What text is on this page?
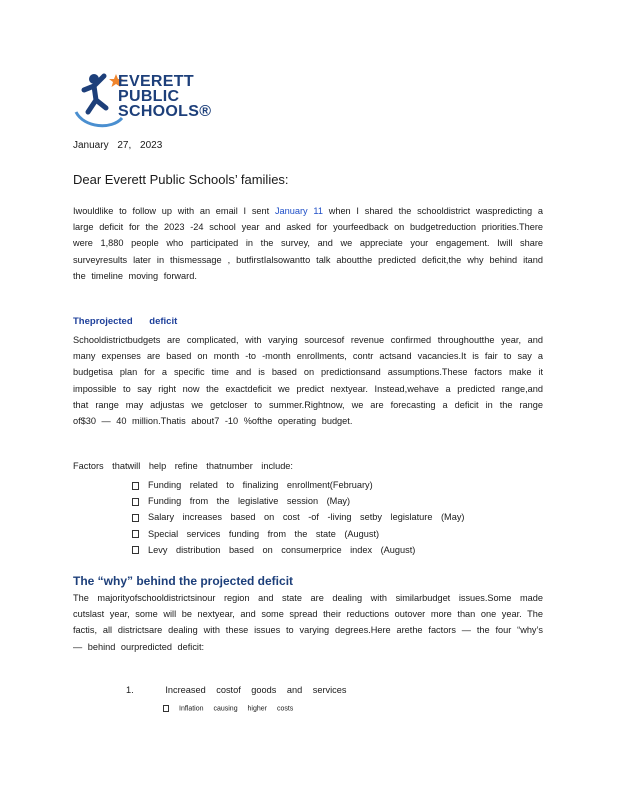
EVERETT
PUBLIC
SCHOOLS®
January 27, 2023
Dear Everett Public Schools’ families:

Iwouldlike to follow up with an email I sent January 11 when I shared the schooldistrict waspredicting a large deficit for the 2023 -24 school year and asked for yourfeedback on budgetreduction priorities.There were 1,880 people who participated in the survey, and we appreciate your engagement. Iwill share surveyresults later in thismessage , butfirstIalsowantto talk aboutthe predicted deficit,the why behind itand the timeline moving forward.

Theprojected deficit

Schooldistrictbudgets are complicated, with varying sourcesof revenue confirmed throughoutthe year, and many expenses are based on month -to -month enrollments, contr actsand vacancies.It is fair to say a budgetisa plan for a specific time and is based on predictionsand assumptions.These factors make it impossible to say right now the exactdeficit we predict nextyear. Instead,wehave a predicted range,and that range may adjustas we getcloser to summer.Rightnow, we are forecasting a deficit in the range of$30 — 40 million.Thatis about7 -10 %ofthe operating budget.

Factors thatwill help refine thatnumber include:
Funding related to finalizing enrollment(February)
Funding from the legislative session (May)
Salary increases based on cost -of -living setby legislature (May)
Special services funding from the state (August)
Levy distribution based on consumerprice index (August)
The “why” behind the projected deficit

The majorityofschooldistrictsinour region and state are dealing with similarbudget issues.Some made cutslast year, some will be nextyear, and some spread their reductions outover more than one year. The factis, all districtsare dealing with these issues to varying degrees.Here arethe factors — the four “why’s — behind ourpredicted deficit:

1.	Increased costof goods and services
Inflation causing higher costs
